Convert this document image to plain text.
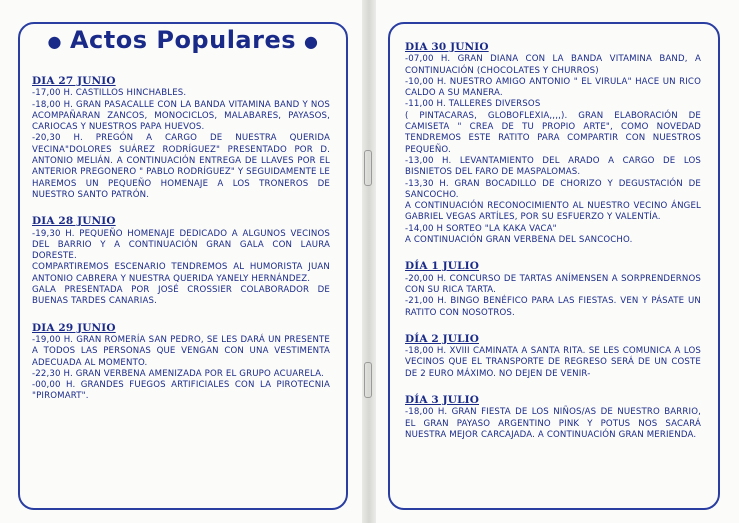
● Actos Populares ●
DIA 27 JUNIO

-17,00 H. CASTILLOS HINCHABLES.

-18,00 H. GRAN PASACALLE CON LA BANDA VITAMINA BAND Y NOS ACOMPAÑARAN ZANCOS, MONOCICLOS, MALABARES, PAYASOS, CARIOCAS Y NUESTROS PAPA HUEVOS.

-20,30 H. PREGÓN A CARGO DE NUESTRA QUERIDA VECINA"DOLORES SUÁREZ RODRÍGUEZ" PRESENTADO POR D. ANTONIO MELIÁN. A CONTINUACIÓN ENTREGA DE LLAVES POR EL ANTERIOR PREGONERO " PABLO RODRÍGUEZ" Y SEGUIDAMENTE LE HAREMOS UN PEQUEÑO HOMENAJE A LOS TRONEROS DE NUESTRO SANTO PATRÓN.

DIA 28 JUNIO

-19,30 H. PEQUEÑO HOMENAJE DEDICADO A ALGUNOS VECINOS DEL BARRIO Y A CONTINUACIÓN GRAN GALA CON LAURA DORESTE.

COMPARTIREMOS ESCENARIO TENDREMOS AL HUMORISTA JUAN ANTONIO CABRERA Y NUESTRA QUERIDA YANELY HERNÁNDEZ.

GALA PRESENTADA POR JOSÉ CROSSIER COLABORADOR DE BUENAS TARDES CANARIAS.

DIA 29 JUNIO

-19,00 H. GRAN ROMERÍA SAN PEDRO, SE LES DARÁ UN PRESENTE A TODOS LAS PERSONAS QUE VENGAN CON UNA VESTIMENTA ADECUADA AL MOMENTO.

-22,30 H. GRAN VERBENA AMENIZADA POR EL GRUPO ACUARELA.

-00,00 H. GRANDES FUEGOS ARTIFICIALES CON LA PIROTECNIA "PIROMART".

DIA 30 JUNIO

-07,00 H. GRAN DIANA CON LA BANDA VITAMINA BAND, A CONTINUACIÓN (CHOCOLATES Y CHURROS)

-10,00 H. NUESTRO AMIGO ANTONIO " EL VIRULA" HACE UN RICO CALDO A SU MANERA.

-11,00 H. TALLERES DIVERSOS

( PINTACARAS, GLOBOFLEXIA,,,,). GRAN ELABORACIÓN DE CAMISETA " CREA DE TU PROPIO ARTE", COMO NOVEDAD TENDREMOS ESTE RATITO PARA COMPARTIR CON NUESTROS PEQUEÑO.

-13,00 H. LEVANTAMIENTO DEL ARADO A CARGO DE LOS BISNIETOS DEL FARO DE MASPALOMAS.

-13,30 H. GRAN BOCADILLO DE CHORIZO Y DEGUSTACIÓN DE SANCOCHO.

A CONTINUACIÓN RECONOCIMIENTO AL NUESTRO VECINO ÁNGEL GABRIEL VEGAS ARTÍLES, POR SU ESFUERZO Y VALENTÍA.

-14,00 H SORTEO "LA KAKA VACA"

A CONTINUACIÓN GRAN VERBENA DEL SANCOCHO.

DÍA 1 JULIO

-20,00 H. CONCURSO DE TARTAS ANÍMENSEN A SORPRENDERNOS CON SU RICA TARTA.

-21,00 H. BINGO BENÉFICO PARA LAS FIESTAS. VEN Y PÁSATE UN RATITO CON NOSOTROS.

DÍA 2 JULIO

-18,00 H. XVIII CAMINATA A SANTA RITA. SE LES COMUNICA A LOS VECINOS QUE EL TRANSPORTE DE REGRESO SERÁ DE UN COSTE DE 2 EURO MÁXIMO. NO DEJEN DE VENIR-

DÍA 3 JULIO

-18,00 H. GRAN FIESTA DE LOS NIÑOS/AS DE NUESTRO BARRIO, EL GRAN PAYASO ARGENTINO PINK Y POTUS NOS SACARÁ NUESTRA MEJOR CARCAJADA. A CONTINUACIÓN GRAN MERIENDA.
